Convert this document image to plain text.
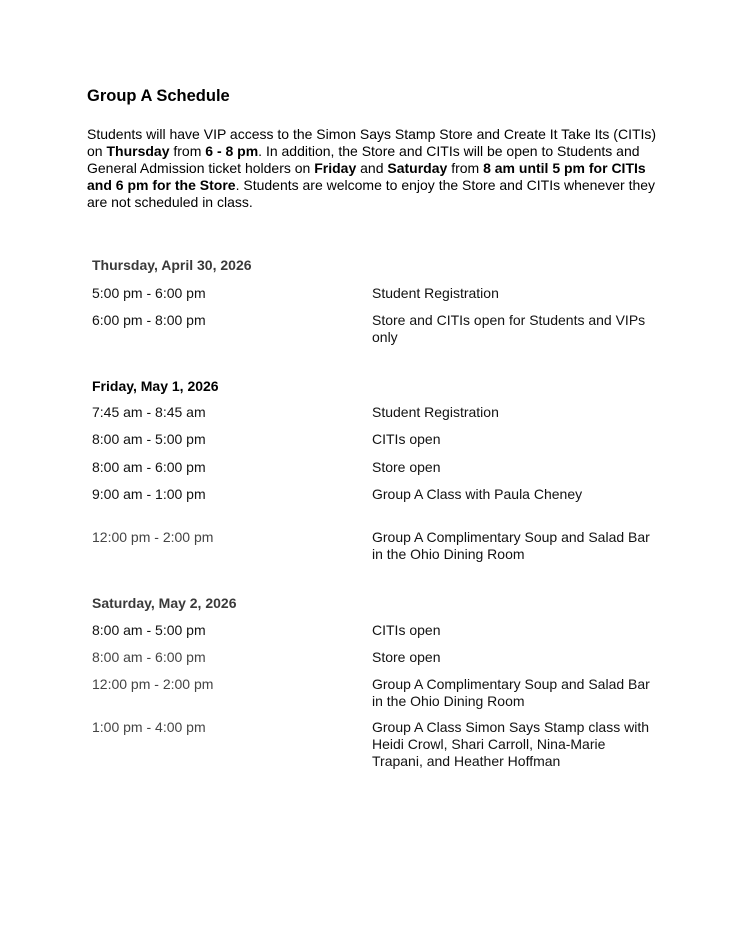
Group A Schedule

Students will have VIP access to the Simon Says Stamp Store and Create It Take Its (CITIs) on Thursday from 6 - 8 pm. In addition, the Store and CITIs will be open to Students and General Admission ticket holders on Friday and Saturday from 8 am until 5 pm for CITIs and 6 pm for the Store. Students are welcome to enjoy the Store and CITIs whenever they are not scheduled in class.

Thursday, April 30, 2026
5:00 pm - 6:00 pm	Student Registration
6:00 pm - 8:00 pm	Store and CITIs open for Students and VIPs only
Friday, May 1, 2026
7:45 am - 8:45 am	Student Registration
8:00 am - 5:00 pm	CITIs open
8:00 am - 6:00 pm	Store open
9:00 am - 1:00 pm	Group A Class with Paula Cheney
12:00 pm - 2:00 pm	Group A Complimentary Soup and Salad Bar in the Ohio Dining Room
Saturday, May 2, 2026
8:00 am - 5:00 pm	CITIs open
8:00 am - 6:00 pm	Store open
12:00 pm - 2:00 pm	Group A Complimentary Soup and Salad Bar in the Ohio Dining Room
1:00 pm - 4:00 pm	Group A Class Simon Says Stamp class with Heidi Crowl, Shari Carroll, Nina-Marie Trapani, and Heather Hoffman
